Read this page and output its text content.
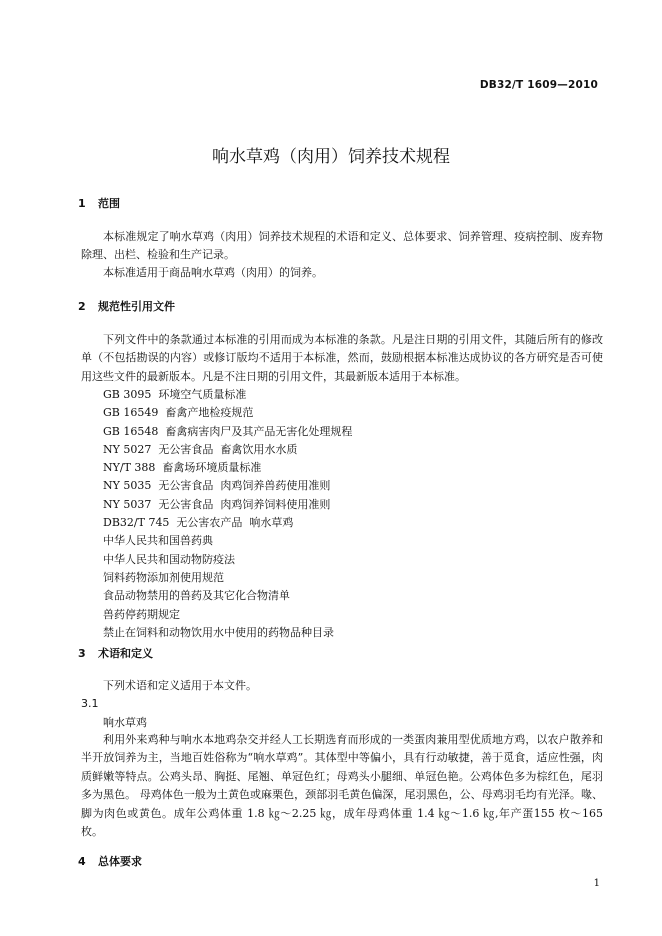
DB32/T 1609—2010
响水草鸡（肉用）饲养技术规程
1 范围
本标准规定了响水草鸡（肉用）饲养技术规程的术语和定义、总体要求、饲养管理、疫病控制、废弃物除理、出栏、检验和生产记录。
本标准适用于商品响水草鸡（肉用）的饲养。
2 规范性引用文件
下列文件中的条款通过本标准的引用而成为本标准的条款。凡是注日期的引用文件，其随后所有的修改单（不包括勘误的内容）或修订版均不适用于本标准，然而，鼓励根据本标准达成协议的各方研究是否可使用这些文件的最新版本。凡是不注日期的引用文件，其最新版本适用于本标准。
GB 3095  环境空气质量标准
GB 16549  畜禽产地检疫规范
GB 16548  畜禽病害肉尸及其产品无害化处理规程
NY 5027  无公害食品  畜禽饮用水水质
NY/T 388  畜禽场环境质量标准
NY 5035  无公害食品  肉鸡饲养兽药使用准则
NY 5037  无公害食品  肉鸡饲养饲料使用准则
DB32/T 745  无公害农产品  响水草鸡
中华人民共和国兽药典
中华人民共和国动物防疫法
饲料药物添加剂使用规范
食品动物禁用的兽药及其它化合物清单
兽药停药期规定
禁止在饲料和动物饮用水中使用的药物品种目录
3 术语和定义
下列术语和定义适用于本文件。
3.1
响水草鸡
利用外来鸡种与响水本地鸡杂交并经人工长期选育而形成的一类蛋肉兼用型优质地方鸡，以农户散养和半开放饲养为主，当地百姓俗称为“响水草鸡”。其体型中等偏小，具有行动敏捷，善于觅食，适应性强，肉质鲜嫩等特点。公鸡头昂、胸挺、尾翘、单冠色红；母鸡头小腿细、单冠色艳。公鸡体色多为棕红色，尾羽多为黑色。 母鸡体色一般为土黄色或麻栗色，颈部羽毛黄色偏深，尾羽黑色，公、母鸡羽毛均有光泽。喙、脚为肉色或黄色。成年公鸡体重 1.8 ㎏～2.25 ㎏，成年母鸡体重 1.4 ㎏～1.6 ㎏,年产蛋155 枚～165 枚。
4 总体要求
1
